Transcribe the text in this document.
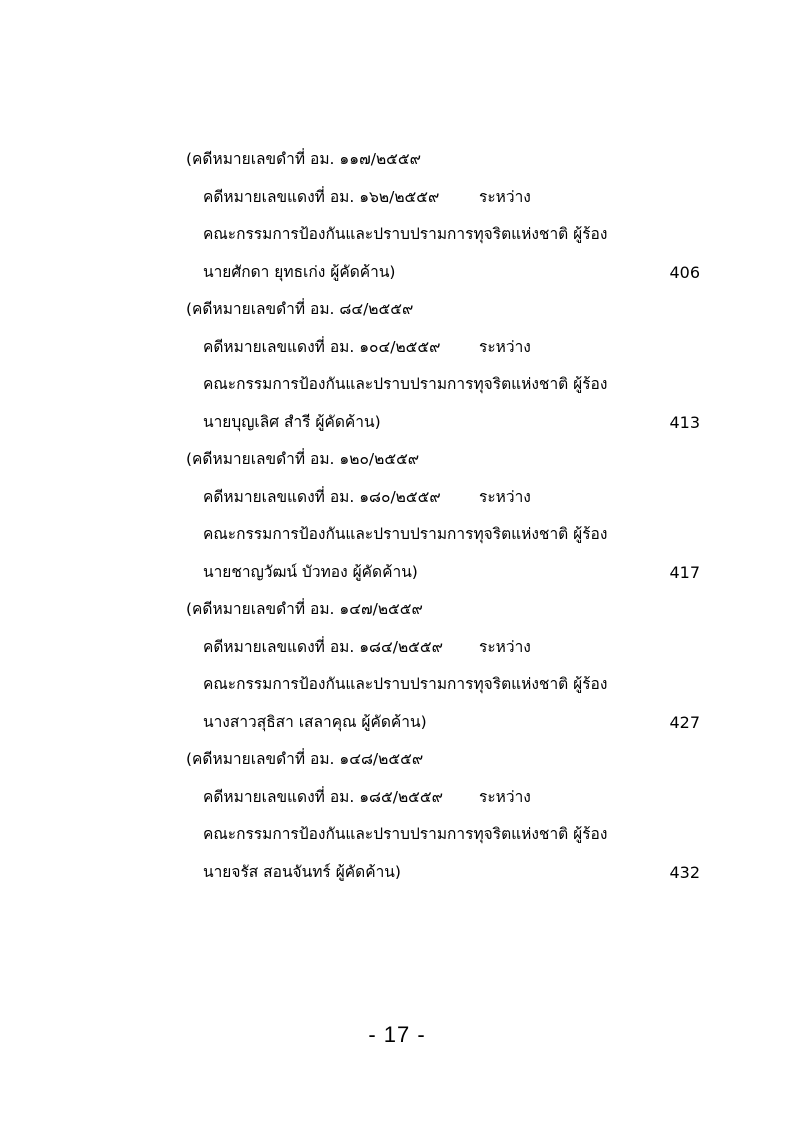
(คดีหมายเลขดำที่ อม. ๑๑๗/๒๕๕๙
คดีหมายเลขแดงที่ อม. ๑๖๒/๒๕๕๙	ระหว่าง
คณะกรรมการป้องกันและปราบปรามการทุจริตแห่งชาติ ผู้ร้อง
นายศักดา ยุทธเก่ง ผู้คัดค้าน)	406
(คดีหมายเลขดำที่ อม. ๘๔/๒๕๕๙
คดีหมายเลขแดงที่ อม. ๑๐๔/๒๕๕๙ ระหว่าง
คณะกรรมการป้องกันและปราบปรามการทุจริตแห่งชาติ ผู้ร้อง
นายบุญเลิศ สำรี ผู้คัดค้าน)	413
(คดีหมายเลขดำที่ อม. ๑๒๐/๒๕๕๙
คดีหมายเลขแดงที่ อม. ๑๘๐/๒๕๕๙ ระหว่าง
คณะกรรมการป้องกันและปราบปรามการทุจริตแห่งชาติ ผู้ร้อง
นายชาญวัฒน์ บัวทอง ผู้คัดค้าน)	417
(คดีหมายเลขดำที่ อม. ๑๔๗/๒๕๕๙
คดีหมายเลขแดงที่ อม. ๑๘๔/๒๕๕๙ ระหว่าง
คณะกรรมการป้องกันและปราบปรามการทุจริตแห่งชาติ ผู้ร้อง
นางสาวสุธิสา เสลาคุณ ผู้คัดค้าน)	427
(คดีหมายเลขดำที่ อม. ๑๔๘/๒๕๕๙
คดีหมายเลขแดงที่ อม. ๑๘๕/๒๕๕๙ ระหว่าง
คณะกรรมการป้องกันและปราบปรามการทุจริตแห่งชาติ ผู้ร้อง
นายจรัส สอนจันทร์ ผู้คัดค้าน)	432
- 17 -
